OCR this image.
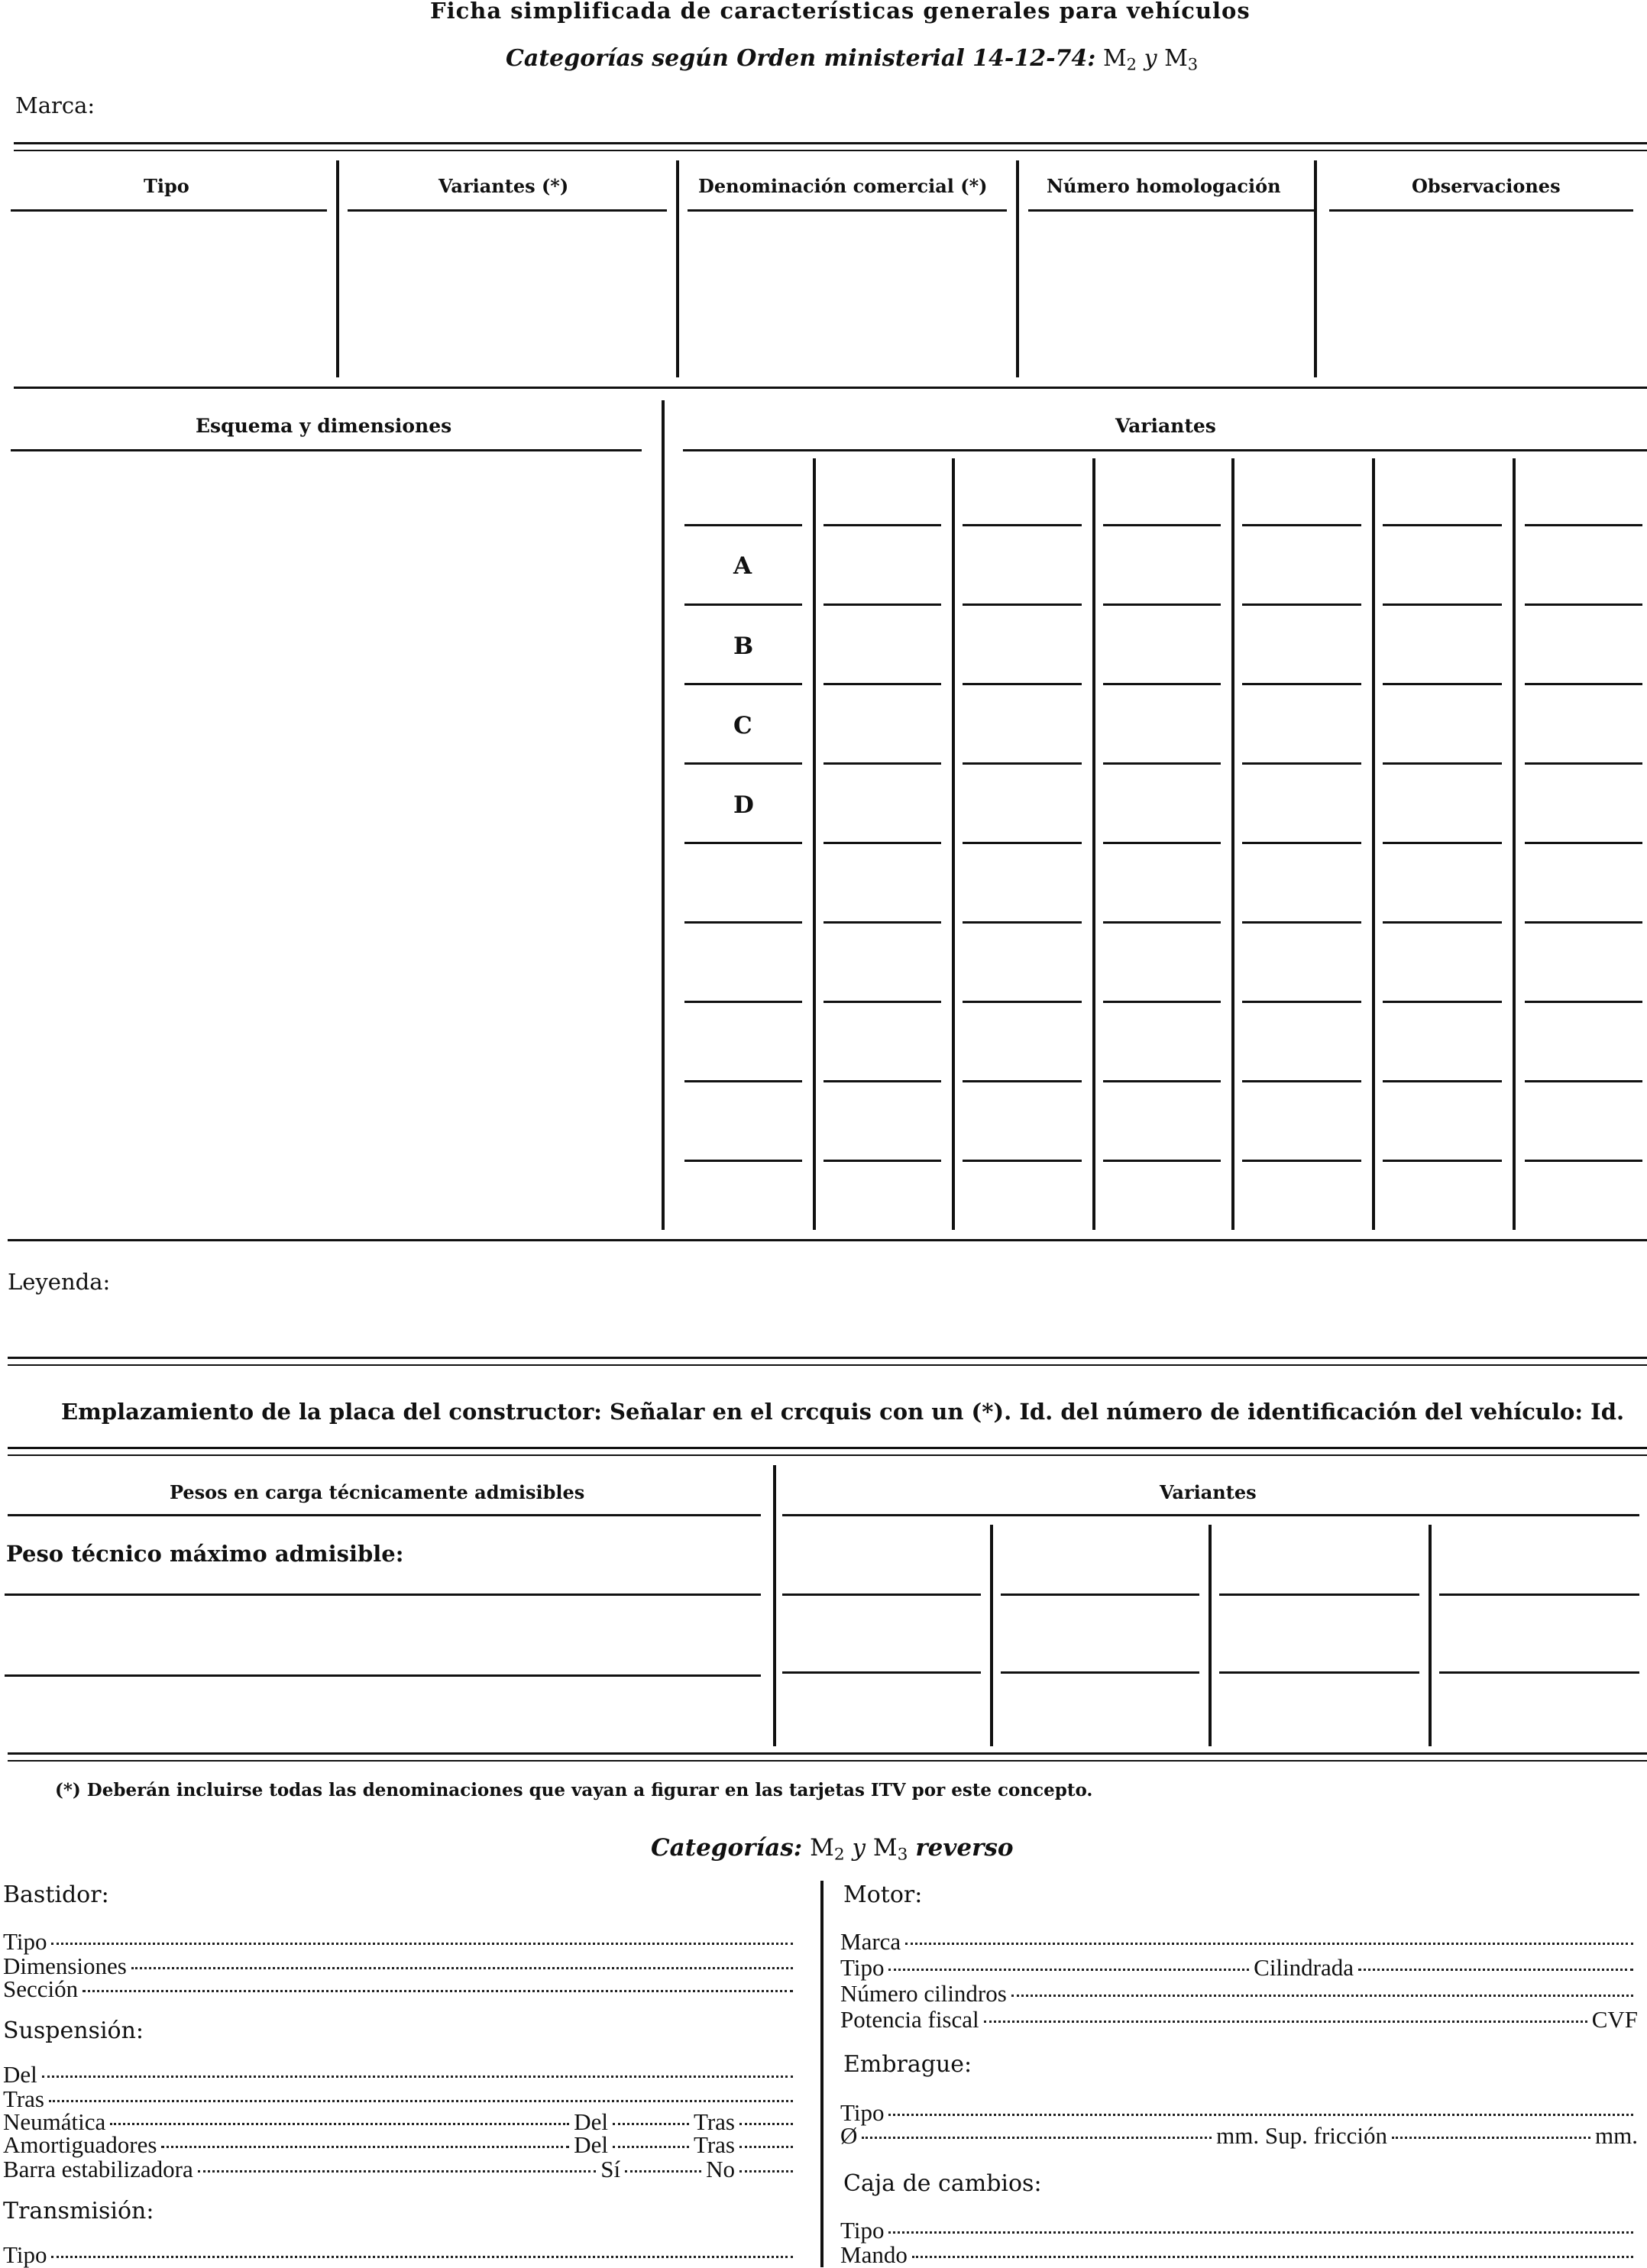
Ficha simplificada de características generales para vehículos
Categorías según Orden ministerial 14-12-74: $M_2$ y $M_3$
Marca:
Tipo	Variantes (*)	Denominación comercial (*)	Número homologación	Observaciones
Esquema y dimensiones	Variantes
A
B
C
D
Leyenda:
Emplazamiento de la placa del constructor: Señalar en el crcquis con un (*). Id. del número de identificación del vehículo: Id.
Pesos en carga técnicamente admisibles	Variantes
Peso técnico máximo admisible:
(*) Deberán incluirse todas las denominaciones que vayan a figurar en las tarjetas ITV por este concepto.
Categorías: $M_2$ y $M_3$ reverso
Bastidor:
Tipo
Dimensiones
Sección
Suspensión:
Del
Tras
Neumática	Del	Tras
Amortiguadores	Del	Tras
Barra estabilizadora	Sí	No
Transmisión:
Tipo
Motor:
Marca
Tipo	Cilindrada
Número cilindros
Potencia fiscal	CVF
Embrague:
Tipo
Ø	mm. Sup. fricción	mm.
Caja de cambios:
Tipo
Mando
